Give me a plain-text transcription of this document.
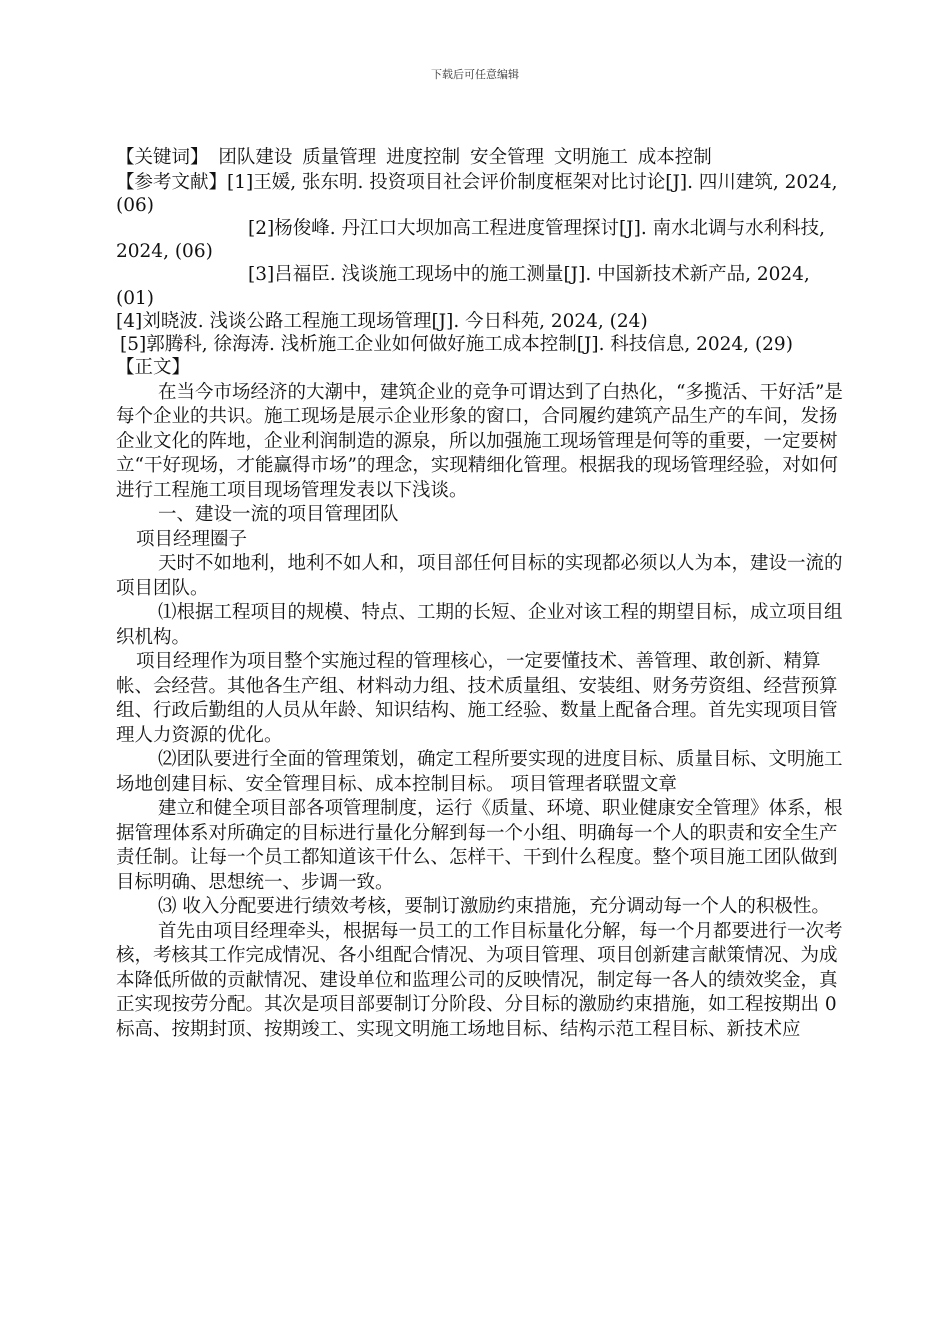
下载后可任意编辑

【关键词】 团队建设 质量管理 进度控制 安全管理 文明施工 成本控制

【参考文献】[1]王媛, 张东明. 投资项目社会评价制度框架对比讨论[J]. 四川建筑, 2024, (06)

[2]杨俊峰. 丹江口大坝加高工程进度管理探讨[J]. 南水北调与水利科技, 2024, (06)

[3]吕福臣. 浅谈施工现场中的施工测量[J]. 中国新技术新产品, 2024, (01)

[4]刘晓波. 浅谈公路工程施工现场管理[J]. 今日科苑, 2024, (24)

[5]郭腾科, 徐海涛. 浅析施工企业如何做好施工成本控制[J]. 科技信息, 2024, (29)

【正文】

在当今市场经济的大潮中，建筑企业的竞争可谓达到了白热化，“多揽活、干好活”是每个企业的共识。施工现场是展示企业形象的窗口，合同履约建筑产品生产的车间，发扬企业文化的阵地，企业利润制造的源泉，所以加强施工现场管理是何等的重要，一定要树立“干好现场，才能赢得市场”的理念，实现精细化管理。根据我的现场管理经验，对如何进行工程施工项目现场管理发表以下浅谈。

一、建设一流的项目管理团队

项目经理圈子

天时不如地利，地利不如人和，项目部任何目标的实现都必须以人为本，建设一流的项目团队。

⑴根据工程项目的规模、特点、工期的长短、企业对该工程的期望目标，成立项目组织机构。

项目经理作为项目整个实施过程的管理核心，一定要懂技术、善管理、敢创新、精算帐、会经营。其他各生产组、材料动力组、技术质量组、安装组、财务劳资组、经营预算组、行政后勤组的人员从年龄、知识结构、施工经验、数量上配备合理。首先实现项目管理人力资源的优化。

⑵团队要进行全面的管理策划，确定工程所要实现的进度目标、质量目标、文明施工场地创建目标、安全管理目标、成本控制目标。 项目管理者联盟文章

建立和健全项目部各项管理制度，运行《质量、环境、职业健康安全管理》体系，根据管理体系对所确定的目标进行量化分解到每一个小组、明确每一个人的职责和安全生产责任制。让每一个员工都知道该干什么、怎样干、干到什么程度。整个项目施工团队做到目标明确、思想统一、步调一致。

⑶ 收入分配要进行绩效考核，要制订激励约束措施，充分调动每一个人的积极性。

首先由项目经理牵头，根据每一员工的工作目标量化分解，每一个月都要进行一次考核，考核其工作完成情况、各小组配合情况、为项目管理、项目创新建言献策情况、为成本降低所做的贡献情况、建设单位和监理公司的反映情况，制定每一各人的绩效奖金，真正实现按劳分配。其次是项目部要制订分阶段、分目标的激励约束措施，如工程按期出 0 标高、按期封顶、按期竣工、实现文明施工场地目标、结构示范工程目标、新技术应
